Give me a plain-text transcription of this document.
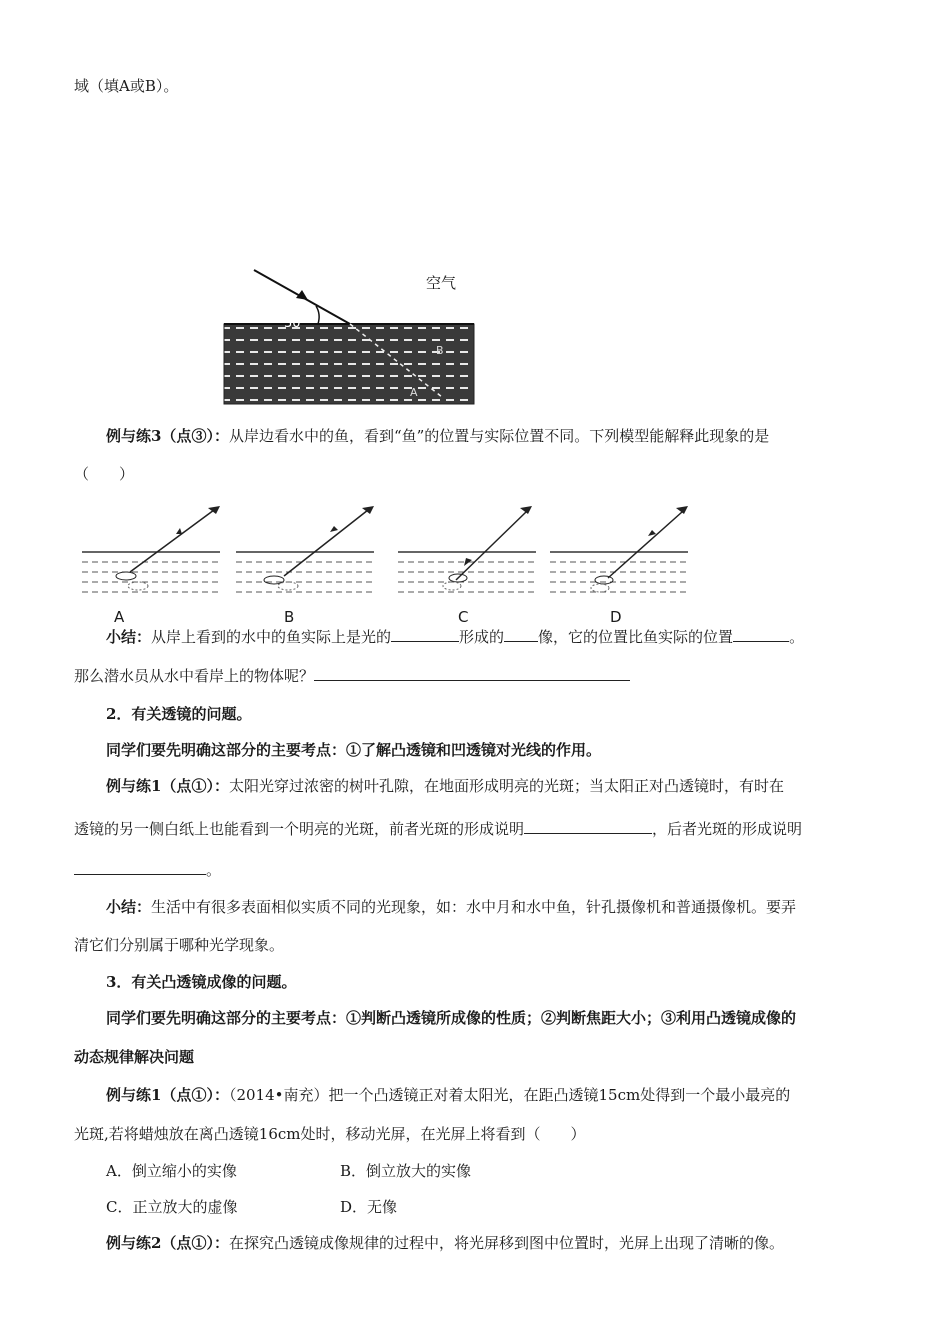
域（填A或B）。
空气
30°
A
B
例与练3（点③）：从岸边看水中的鱼，看到“鱼”的位置与实际位置不同。下列模型能解释此现象的是
（　　）
A	B	C	D
小结：从岸上看到的水中的鱼实际上是光的	形成的 像，它的位置比鱼实际的位置	。
那么潜水员从水中看岸上的物体呢？
2．有关透镜的问题。
同学们要先明确这部分的主要考点：①了解凸透镜和凹透镜对光线的作用。
例与练1（点①）：太阳光穿过浓密的树叶孔隙，在地面形成明亮的光斑；当太阳正对凸透镜时，有时在
透镜的另一侧白纸上也能看到一个明亮的光斑，前者光斑的形成说明	，后者光斑的形成说明
。
小结：生活中有很多表面相似实质不同的光现象，如：水中月和水中鱼，针孔摄像机和普通摄像机。要弄
清它们分别属于哪种光学现象。
3．有关凸透镜成像的问题。
同学们要先明确这部分的主要考点：①判断凸透镜所成像的性质；②判断焦距大小；③利用凸透镜成像的
动态规律解决问题
例与练1（点①）：（2014•南充）把一个凸透镜正对着太阳光，在距凸透镜15cm处得到一个最小最亮的
光斑,若将蜡烛放在离凸透镜16cm处时，移动光屏，在光屏上将看到（　　）
A．倒立缩小的实像	B．倒立放大的实像
C．正立放大的虚像	D．无像
例与练2（点①）：在探究凸透镜成像规律的过程中，将光屏移到图中位置时，光屏上出现了清晰的像。
